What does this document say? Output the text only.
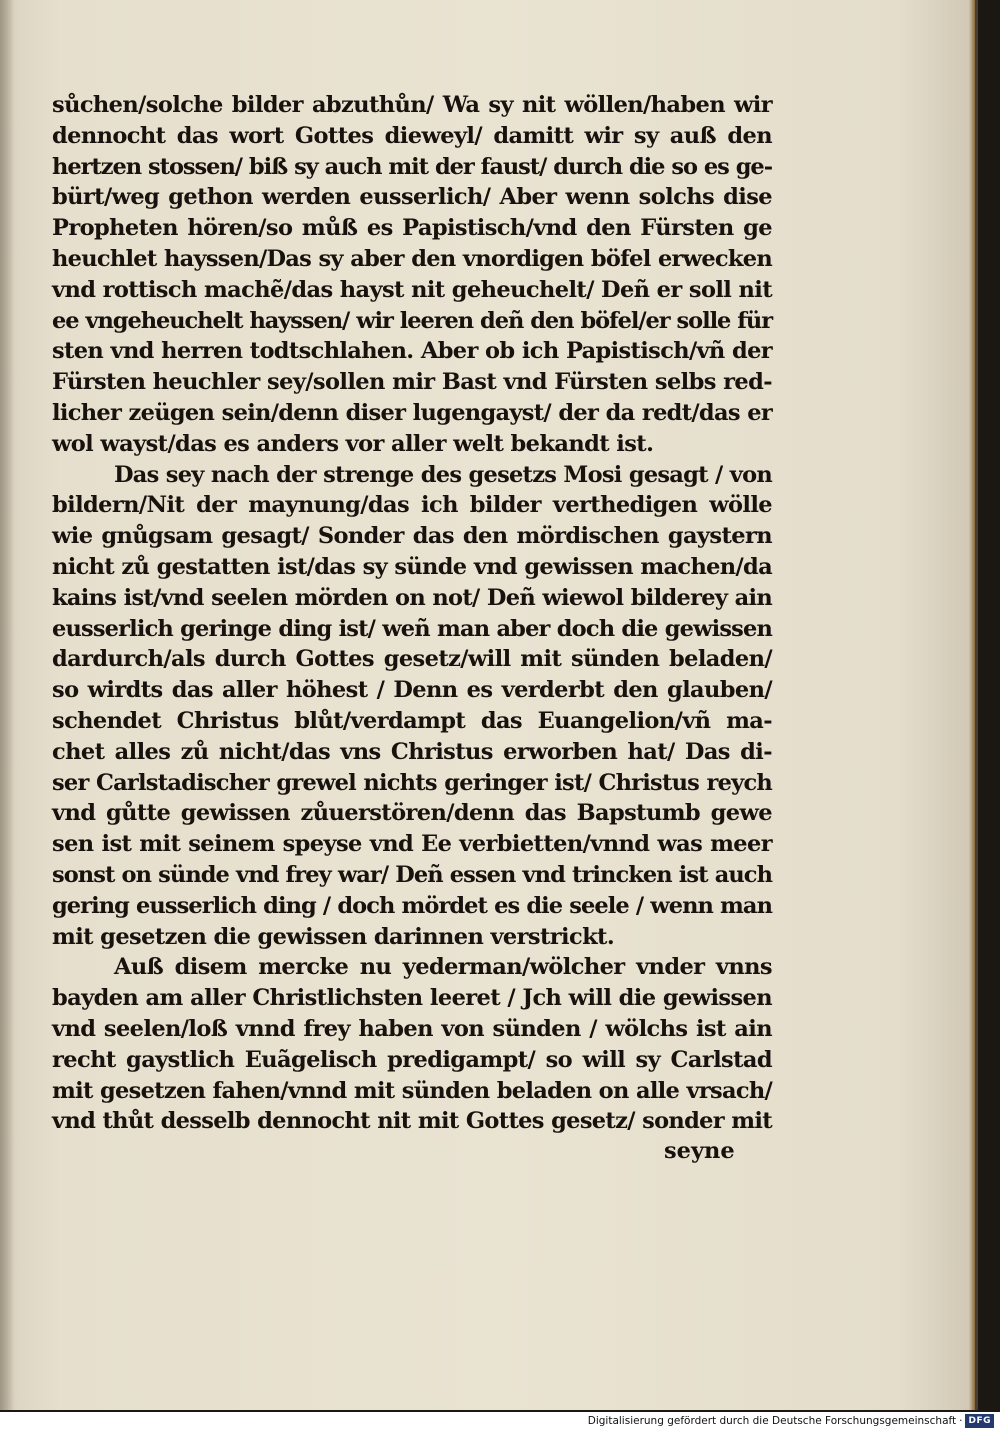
sůchen/solche bilder abzuthůn/ Wa sy nit wöllen/haben wir
dennocht das wort Gottes dieweyl/ damitt wir sy auß den
hertzen stossen/ biß sy auch mit der faust/ durch die so es ge-
bürt/weg gethon werden eusserlich/ Aber wenn solchs dise
Propheten hören/so můß es Papistisch/vnd den Fürsten ge
heuchlet hayssen/Das sy aber den vnordigen böfel erwecken
vnd rottisch machẽ/das hayst nit geheuchelt/ Deñ er soll nit
ee vngeheuchelt hayssen/ wir leeren deñ den böfel/er solle für
sten vnd herren todtschlahen. Aber ob ich Papistisch/vñ der
Fürsten heuchler sey/sollen mir Bast vnd Fürsten selbs red-
licher zeügen sein/denn diser lugengayst/ der da redt/das er
wol wayst/das es anders vor aller welt bekandt ist.
Das sey nach der strenge des gesetzs Mosi gesagt / von
bildern/Nit der maynung/das ich bilder verthedigen wölle
wie gnůgsam gesagt/ Sonder das den mördischen gaystern
nicht zů gestatten ist/das sy sünde vnd gewissen machen/da
kains ist/vnd seelen mörden on not/ Deñ wiewol bilderey ain
eusserlich geringe ding ist/ weñ man aber doch die gewissen
dardurch/als durch Gottes gesetz/will mit sünden beladen/
so wirdts das aller höhest / Denn es verderbt den glauben/
schendet Christus blůt/verdampt das Euangelion/vñ ma-
chet alles zů nicht/das vns Christus erworben hat/ Das di-
ser Carlstadischer grewel nichts geringer ist/ Christus reych
vnd gůtte gewissen zůuerstören/denn das Bapstumb gewe
sen ist mit seinem speyse vnd Ee verbietten/vnnd was meer
sonst on sünde vnd frey war/ Deñ essen vnd trincken ist auch
gering eusserlich ding / doch mördet es die seele / wenn man
mit gesetzen die gewissen darinnen verstrickt.
Auß disem mercke nu yederman/wölcher vnder vnns
bayden am aller Christlichsten leeret / Jch will die gewissen
vnd seelen/loß vnnd frey haben von sünden / wölchs ist ain
recht gaystlich Euãgelisch predigampt/ so will sy Carlstad
mit gesetzen fahen/vnnd mit sünden beladen on alle vrsach/
vnd thůt desselb dennocht nit mit Gottes gesetz/ sonder mit
seyne
Digitalisierung gefördert durch die Deutsche Forschungsgemeinschaft · DFG
